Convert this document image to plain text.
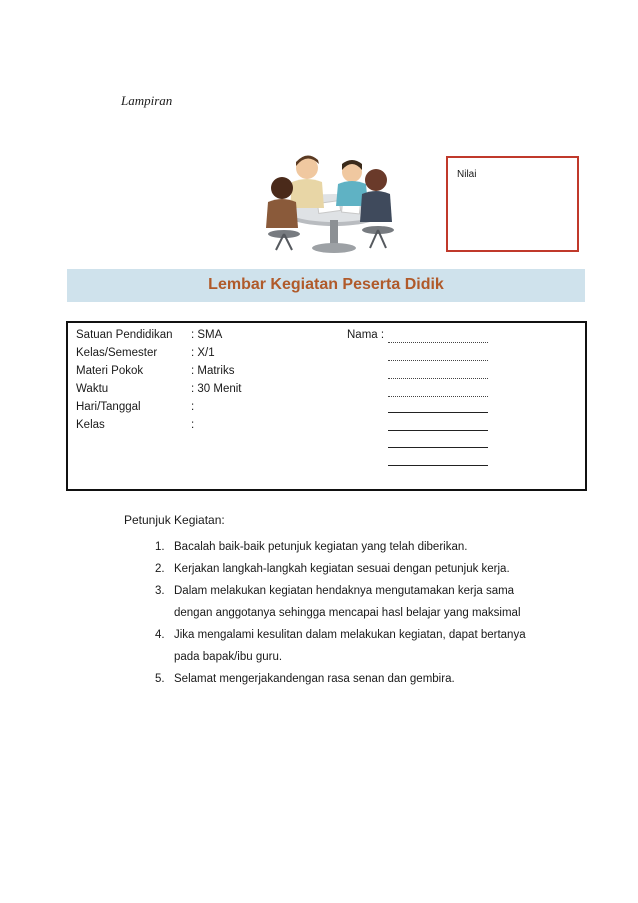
Lampiran
Nilai
Lembar Kegiatan Peserta Didik
Satuan Pendidikan : SMA
Kelas/Semester	: X/1
Materi Pokok	: Matriks
Waktu	: 30 Menit
Hari/Tanggal	:
Kelas	:
Nama :
Petunjuk Kegiatan:
1. Bacalah baik-baik petunjuk kegiatan yang telah diberikan.
2. Kerjakan langkah-langkah kegiatan sesuai dengan petunjuk kerja.
3. Dalam melakukan kegiatan hendaknya mengutamakan kerja sama dengan anggotanya sehingga mencapai hasl belajar yang maksimal
4. Jika mengalami kesulitan dalam melakukan kegiatan, dapat bertanya pada bapak/ibu guru.
5. Selamat mengerjakandengan rasa senan dan gembira.
